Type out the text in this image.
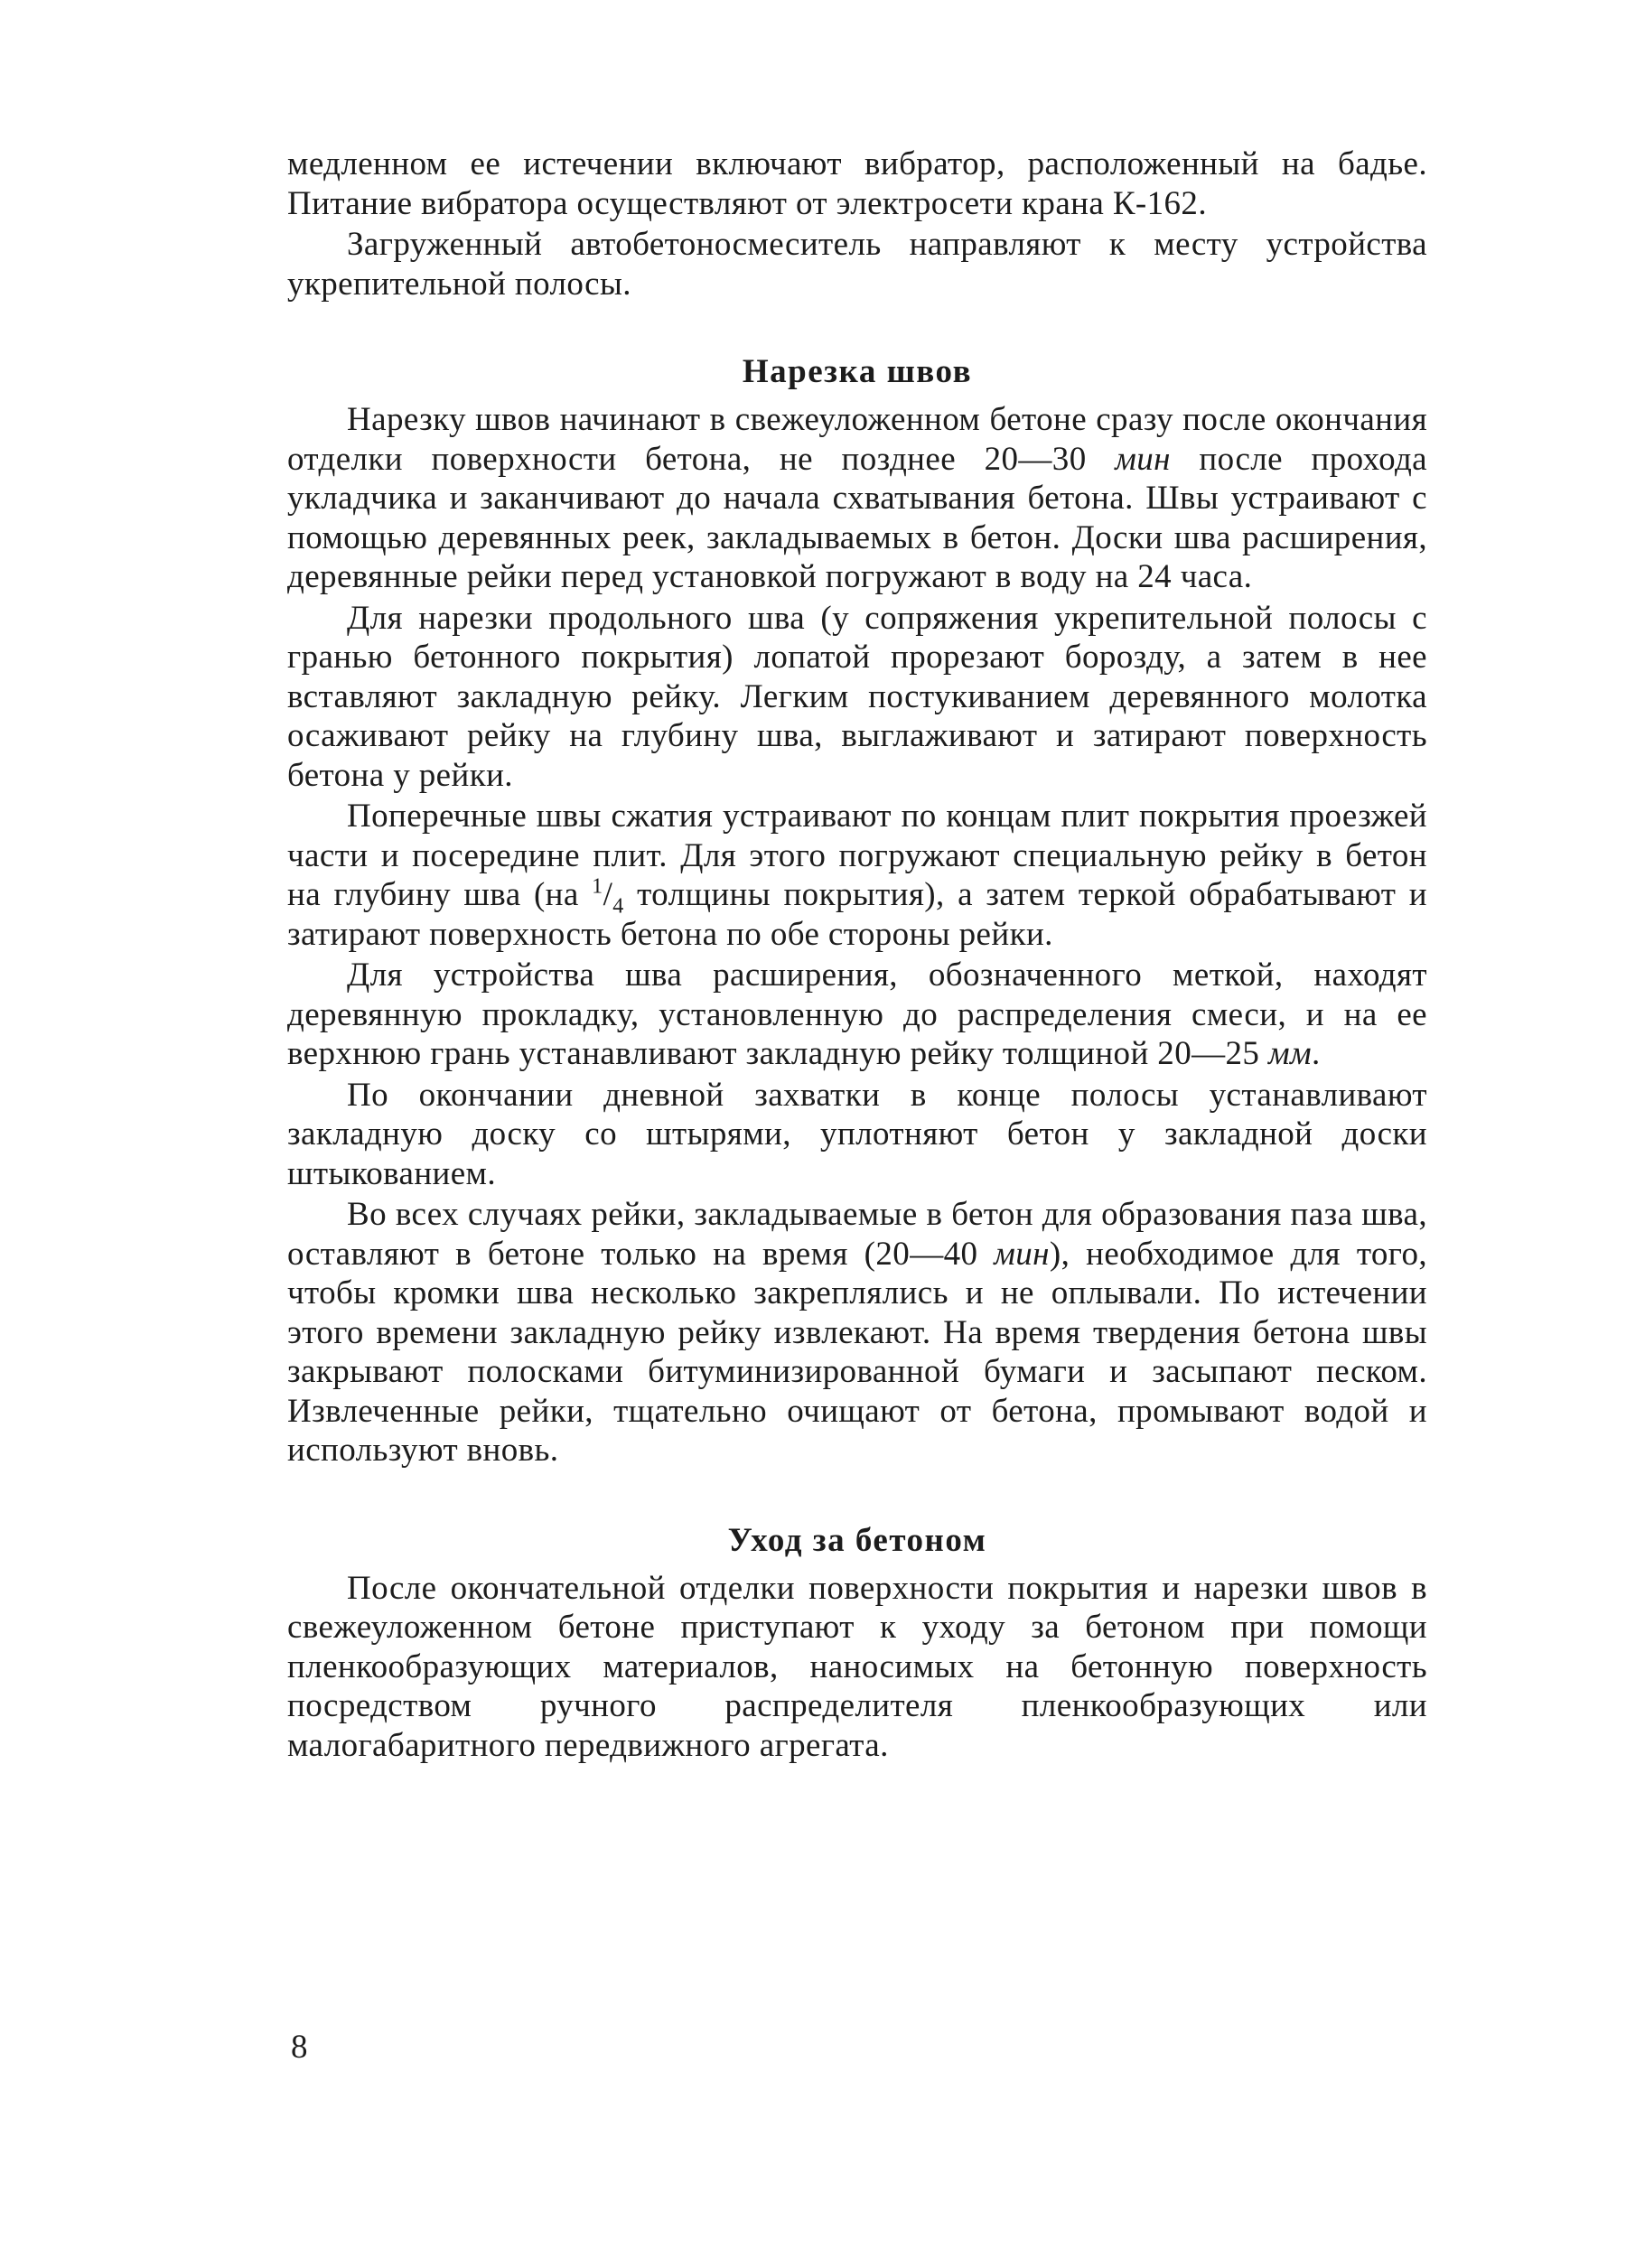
медленном ее истечении включают вибратор, расположенный на бадье. Питание вибратора осуществляют от электросети крана К-162.

Загруженный автобетоносмеситель направляют к месту устройства укрепительной полосы.

Нарезка швов

Нарезку швов начинают в свежеуложенном бетоне сразу после окончания отделки поверхности бетона, не позднее 20—30 мин после прохода укладчика и заканчивают до начала схватывания бетона. Швы устраивают с помощью деревянных реек, закладываемых в бетон. Доски шва расширения, деревянные рейки перед установкой погружают в воду на 24 часа.

Для нарезки продольного шва (у сопряжения укрепительной полосы с гранью бетонного покрытия) лопатой прорезают борозду, а затем в нее вставляют закладную рейку. Легким постукиванием деревянного молотка осаживают рейку на глубину шва, выглаживают и затирают поверхность бетона у рейки.

Поперечные швы сжатия устраивают по концам плит покрытия проезжей части и посередине плит. Для этого погружают специальную рейку в бетон на глубину шва (на $^1/_4$ толщины покрытия), а затем теркой обрабатывают и затирают поверхность бетона по обе стороны рейки.

Для устройства шва расширения, обозначенного меткой, находят деревянную прокладку, установленную до распределения смеси, и на ее верхнюю грань устанавливают закладную рейку толщиной 20—25 мм.

По окончании дневной захватки в конце полосы устанавливают закладную доску со штырями, уплотняют бетон у закладной доски штыкованием.

Во всех случаях рейки, закладываемые в бетон для образования паза шва, оставляют в бетоне только на время (20—40 мин), необходимое для того, чтобы кромки шва несколько закреплялись и не оплывали. По истечении этого времени закладную рейку извлекают. На время твердения бетона швы закрывают полосками битуминизированной бумаги и засыпают песком. Извлеченные рейки, тщательно очищают от бетона, промывают водой и используют вновь.

Уход за бетоном

После окончательной отделки поверхности покрытия и нарезки швов в свежеуложенном бетоне приступают к уходу за бетоном при помощи пленкообразующих материалов, наносимых на бетонную поверхность посредством ручного распределителя пленкообразующих или малогабаритного передвижного агрегата.

8
